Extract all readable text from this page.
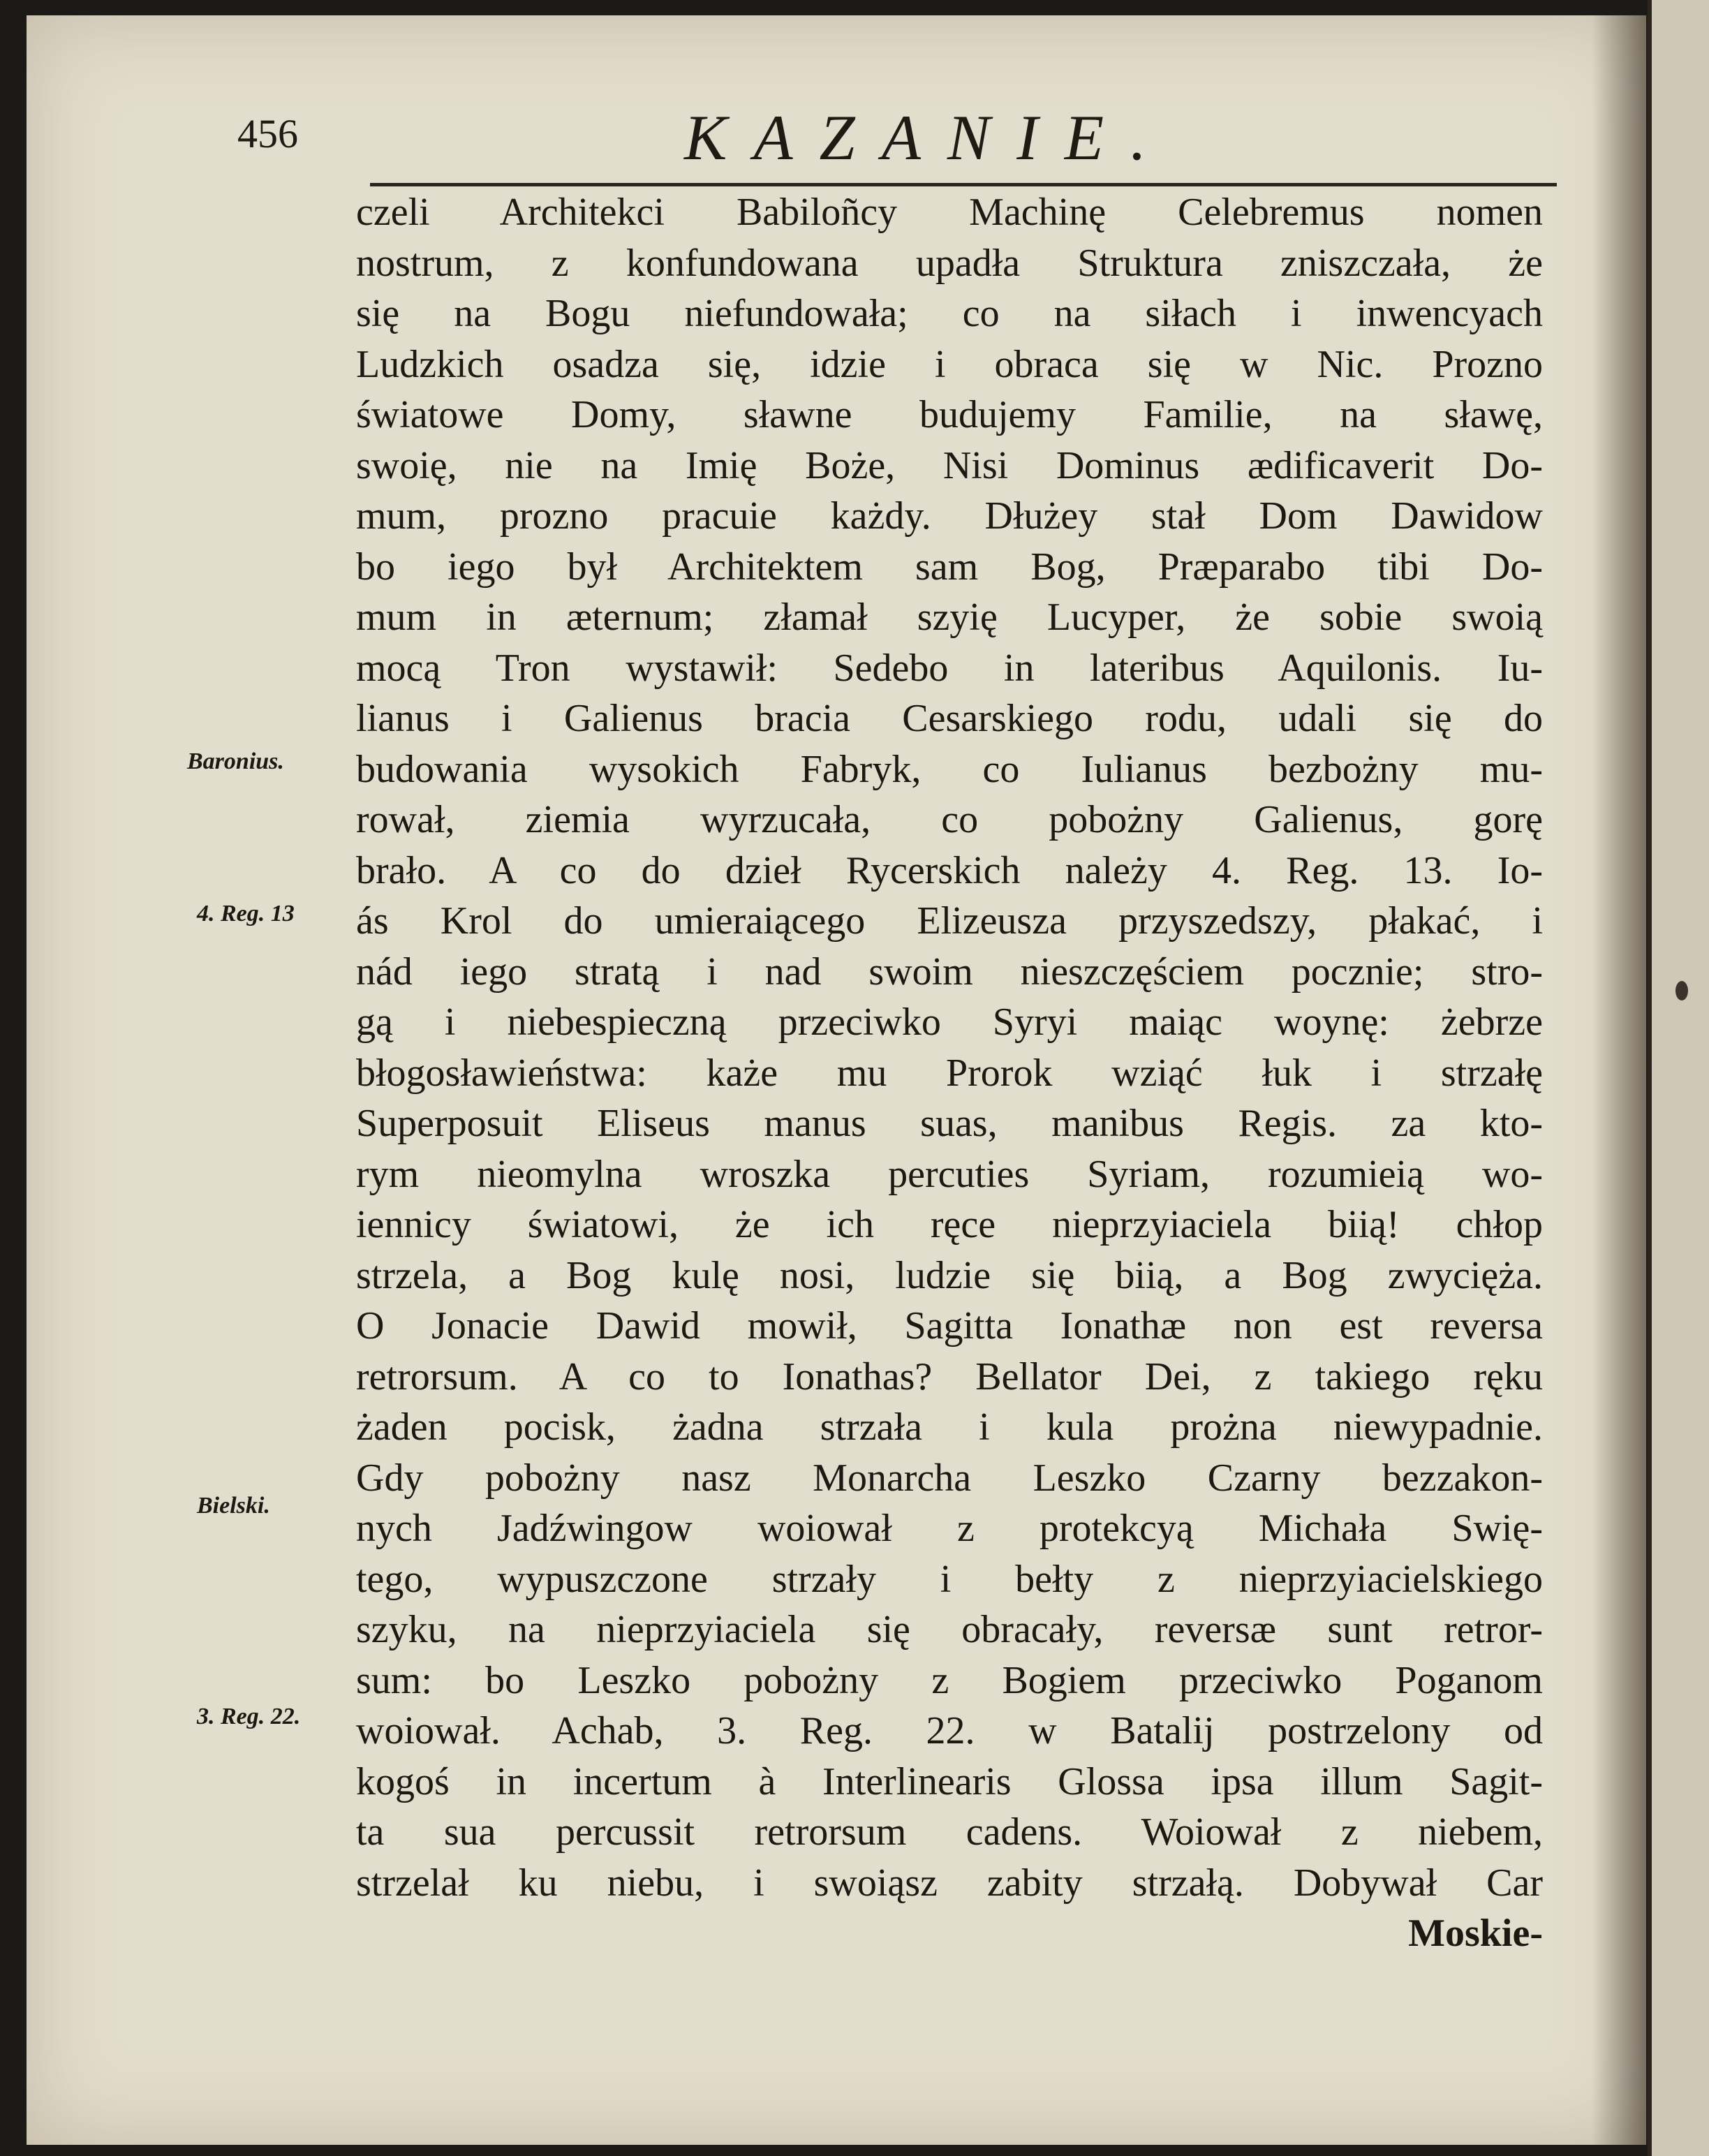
456	KAZANIE.
czeli Architekci Babiloñcy Machinę Celebremus nomen
nostrum, z konfundowana upadła Struktura zniszczała, że
się na Bogu niefundowała; co na siłach i inwencyach
Ludzkich osadza się, idzie i obraca się w Nic. Prozno
światowe Domy, sławne budujemy Familie, na sławę,
swoię, nie na Imię Boże, Nisi Dominus ædificaverit Do-
mum, prozno pracuie każdy. Dłużey stał Dom Dawidow
bo iego był Architektem sam Bog, Præparabo tibi Do-
mum in æternum; złamał szyię Lucyper, że sobie swoią
mocą Tron wystawił: Sedebo in lateribus Aquilonis. Iu-
lianus i Galienus bracia Cesarskiego rodu, udali się do
budowania wysokich Fabryk, co Iulianus bezbożny mu-
rował, ziemia wyrzucała, co pobożny Galienus, gorę
brało. A co do dzieł Rycerskich należy 4. Reg. 13. Io-
ás Krol do umieraiącego Elizeusza przyszedszy, płakać, i
nád iego stratą i nad swoim nieszczęściem pocznie; stro-
gą i niebespieczną przeciwko Syryi maiąc woynę: żebrze
błogosławieństwa: każe mu Prorok wziąć łuk i strzałę
Superposuit Eliseus manus suas, manibus Regis. za kto-
rym nieomylna wroszka percuties Syriam, rozumieią wo-
iennicy światowi, że ich ręce nieprzyiaciela biią! chłop
strzela, a Bog kulę nosi, ludzie się biią, a Bog zwycięża.
O Jonacie Dawid mowił, Sagitta Ionathæ non est reversa
retrorsum. A co to Ionathas? Bellator Dei, z takiego ręku
żaden pocisk, żadna strzała i kula prożna niewypadnie.
Gdy pobożny nasz Monarcha Leszko Czarny bezzakon-
nych Jadźwingow woiował z protekcyą Michała Swię-
tego, wypuszczone strzały i bełty z nieprzyiacielskiego
szyku, na nieprzyiaciela się obracały, reversæ sunt retror-
sum: bo Leszko pobożny z Bogiem przeciwko Poganom
woiował. Achab, 3. Reg. 22. w Batalij postrzelony od
kogoś in incertum à Interlinearis Glossa ipsa illum Sagit-
ta sua percussit retrorsum cadens. Woiował z niebem,
strzelał ku niebu, i swoiąsz zabity strzałą. Dobywał Car
Moskie-
Baronius.
4. Reg. 13
Bielski.
3. Reg. 22.
